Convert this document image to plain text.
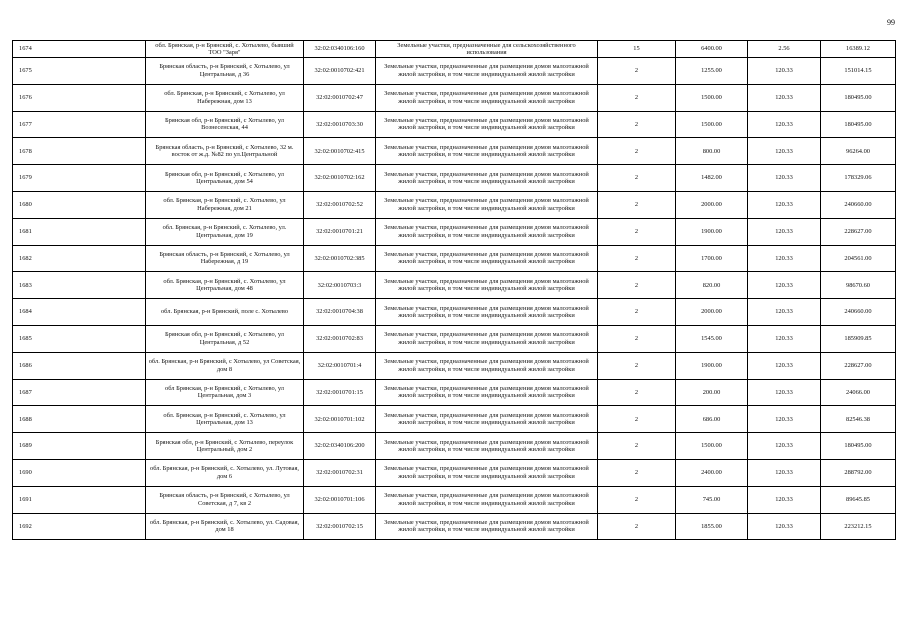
99
1674	обл. Брянская, р-н Брянский, с. Хотылево, бывший ТОО "Заря"	32:02:0340106:160	Земельные участки, предназначенные для сельскохозяйственного использования	15	6400.00	2.56	16389.12
1675	Брянская область, р-н Брянский, с Хотылево, ул Центральная, д 36	32:02:0010702:421	Земельные участки, предназначенные для размещения домов малоэтажной жилой застройки, в том числе индивидуальной жилой застройки	2	1255.00	120.33	151014.15
1676	обл. Брянская, р-н Брянский, с Хотылево, ул Набережная, дом 13	32:02:0010702:47	Земельные участки, предназначенные для размещения домов малоэтажной жилой застройки, в том числе индивидуальной жилой застройки	2	1500.00	120.33	180495.00
1677	Брянская обл, р-н Брянский, с Хотылево, ул Вознесенская, 44	32:02:0010703:30	Земельные участки, предназначенные для размещения домов малоэтажной жилой застройки, в том числе индивидуальной жилой застройки	2	1500.00	120.33	180495.00
1678	Брянская область, р-н Брянский, с Хотылево, 32 м. восток от ж.д. №82 по ул.Центральной	32:02:0010702:415	Земельные участки, предназначенные для размещения домов малоэтажной жилой застройки, в том числе индивидуальной жилой застройки	2	800.00	120.33	96264.00
1679	Брянская обл, р-н Брянский, с Хотылево, ул Центральная, дом 54	32:02:0010702:162	Земельные участки, предназначенные для размещения домов малоэтажной жилой застройки, в том числе индивидуальной жилой застройки	2	1482.00	120.33	178329.06
1680	обл. Брянская, р-н Брянский, с. Хотылево, ул Набережная, дом 21	32:02:0010702:52	Земельные участки, предназначенные для размещения домов малоэтажной жилой застройки, в том числе индивидуальной жилой застройки	2	2000.00	120.33	240660.00
1681	обл. Брянская, р-н Брянский, с. Хотылево, ул. Центральная, дом 19	32:02:0010701:21	Земельные участки, предназначенные для размещения домов малоэтажной жилой застройки, в том числе индивидуальной жилой застройки	2	1900.00	120.33	228627.00
1682	Брянская область, р-н Брянский, с Хотылево, ул Набережная, д 19	32:02:0010702:385	Земельные участки, предназначенные для размещения домов малоэтажной жилой застройки, в том числе индивидуальной жилой застройки	2	1700.00	120.33	204561.00
1683	обл. Брянская, р-н Брянский, с. Хотылево, ул Центральная, дом 48	32:02:0010703:3	Земельные участки, предназначенные для размещения домов малоэтажной жилой застройки, в том числе индивидуальной жилой застройки	2	820.00	120.33	98670.60
1684	обл. Брянская, р-н Брянский, поле с. Хотылево	32:02:0010704:38	Земельные участки, предназначенные для размещения домов малоэтажной жилой застройки, в том числе индивидуальной жилой застройки	2	2000.00	120.33	240660.00
1685	Брянская обл, р-н Брянский, с Хотылево, ул Центральная, д 52	32:02:0010702:83	Земельные участки, предназначенные для размещения домов малоэтажной жилой застройки, в том числе индивидуальной жилой застройки	2	1545.00	120.33	185909.85
1686	обл. Брянская, р-н Брянский, с Хотылево, ул Советская, дом 8	32:02:0010701:4	Земельные участки, предназначенные для размещения домов малоэтажной жилой застройки, в том числе индивидуальной жилой застройки	2	1900.00	120.33	228627.00
1687	обл Брянская, р-н Брянский, с Хотылево, ул Центральная, дом 3	32:02:0010701:15	Земельные участки, предназначенные для размещения домов малоэтажной жилой застройки, в том числе индивидуальной жилой застройки	2	200.00	120.33	24066.00
1688	обл. Брянская, р-н Брянский, с. Хотылево, ул Центральная, дом 13	32:02:0010701:102	Земельные участки, предназначенные для размещения домов малоэтажной жилой застройки, в том числе индивидуальной жилой застройки	2	686.00	120.33	82546.38
1689	Брянская обл, р-н Брянский, с Хотылево, переулок Центральный, дом 2	32:02:0340106:200	Земельные участки, предназначенные для размещения домов малоэтажной жилой застройки, в том числе индивидуальной жилой застройки	2	1500.00	120.33	180495.00
1690	обл. Брянская, р-н Брянский, с. Хотылево, ул. Лутовая, дом 6	32:02:0010702:31	Земельные участки, предназначенные для размещения домов малоэтажной жилой застройки, в том числе индивидуальной жилой застройки	2	2400.00	120.33	288792.00
1691	Брянская область, р-н Брянский, с Хотылево, ул Советская, д 7, кв 2	32:02:0010701:106	Земельные участки, предназначенные для размещения домов малоэтажной жилой застройки, в том числе индивидуальной жилой застройки	2	745.00	120.33	89645.85
1692	обл. Брянская, р-н Брянский, с. Хотылево, ул. Садовая, дом 18	32:02:0010702:15	Земельные участки, предназначенные для размещения домов малоэтажной жилой застройки, в том числе индивидуальной жилой застройки	2	1855.00	120.33	223212.15
